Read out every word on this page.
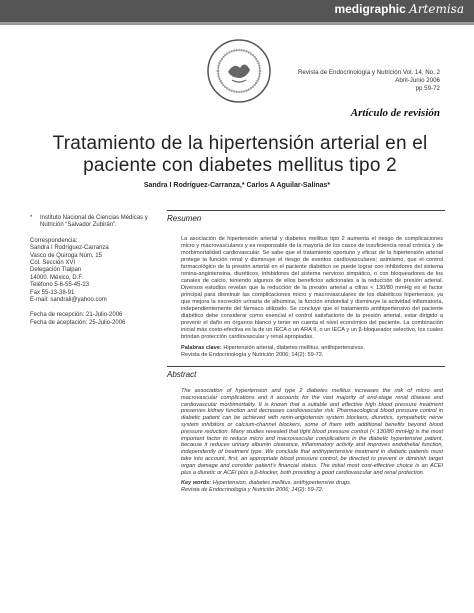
medigraphic Artemisa
Revista de Endocrinología y Nutrición Vol. 14, No. 2
Abril-Junio 2006
pp 59-72
Artículo de revisión
Tratamiento de la hipertensión arterial en el paciente con diabetes mellitus tipo 2
Sandra I Rodríguez-Carranza,* Carlos A Aguilar-Salinas*
*	Instituto Nacional de Ciencias Médicas y Nutrición “Salvador Zubirán”.
Correspondencia:
Sandra I Rodríguez-Carranza
Vasco de Quiroga Núm. 15
Col. Sección XVI
Delegación Tlalpan
14000. México, D.F.
Teléfono 5-6-55-45-23
Fax 55-13-38-91
E-mail: sandrali@yahoo.com
Fecha de recepción: 21-Julio-2006
Fecha de aceptación: 25-Julio-2006
Resumen
La asociación de hipertensión arterial y diabetes mellitus tipo 2 aumenta el riesgo de complicaciones micro y macrovasculares y es responsable de la mayoría de los casos de insuficiencia renal crónica y de morbimortalidad cardiovascular. Se sabe que el tratamiento oportuno y eficaz de la hipertensión arterial protege la función renal y disminuye el riesgo de eventos cardiovasculares; asimismo, que el control farmacológico de la presión arterial en el paciente diabético se puede lograr con inhibidores del sistema renina-angiotensina, diuréticos, inhibidores del sistema nervioso simpático, o con bloqueadores de los canales de calcio, teniendo algunos de ellos beneficios adicionales a la reducción de presión arterial. Diversos estudios revelan que la reducción de la presión arterial a cifras < 130/80 mmHg es el factor principal para disminuir las complicaciones micro y macrovasculares de los diabéticos hipertensos, ya que mejora la excreción urinaria de albúmina, la función endotelial y disminuye la actividad inflamatoria, independientemente del fármaco utilizado. Se concluye que el tratamiento antihipertensivo del paciente diabético debe considerar como esencial el control satisfactorio de la presión arterial, estar dirigido a prevenir el daño en órganos blanco y tener en cuenta el nivel económico del paciente. La combinación inicial más costo-efectiva es la de un IECA o un ARA II, o un IECA y un β-bloqueador selectivo, los cuales brindan protección cardiovascular y renal apropiadas.
Palabras clave: Hipertensión arterial, diabetes mellitus, antihipertensivos.
Revista de Endocrinología y Nutrición 2006; 14(2): 59-72.
Abstract
The association of hypertension and type 2 diabetes mellitus increases the risk of micro and macrovascular complications and it accounts for the vast majority of end-stage renal disease and cardiovascular morbimortality. It is known that a suitable and effective high blood pressure treatment preserves kidney function and decreases cardiovascular risk. Pharmacological blood pressure control in diabetic patient can be achieved with renin-angiotensin system blockers, diuretics, sympathetic nerve system inhibitors or calcium-channel blockers, some of them with additional benefits beyond blood pressure reduction. Many studies revealed that tight blood pressure control (< 130/80 mmHg) is the most important factor to reduce micro and macrovascular complications in the diabetic hypertensive patient, because it reduces urinary albumin clearance, inflammatory activity and improves endothelial function, independently of treatment type. We conclude that antihypertensive treatment in diabetic patients must take into account, first, an appropriate blood pressure control, be directed to prevent or diminish target organ damage and consider patient’s financial status. The initial most cost-effective choice is an ACEI plus a diuretic or ACEI plus a β-blocker, both providing a good cardiovascular and renal protection.
Key words: Hypertension, diabetes mellitus, antihypertensive drugs.
Revista de Endocrinología y Nutrición 2006; 14(2): 59-72.
